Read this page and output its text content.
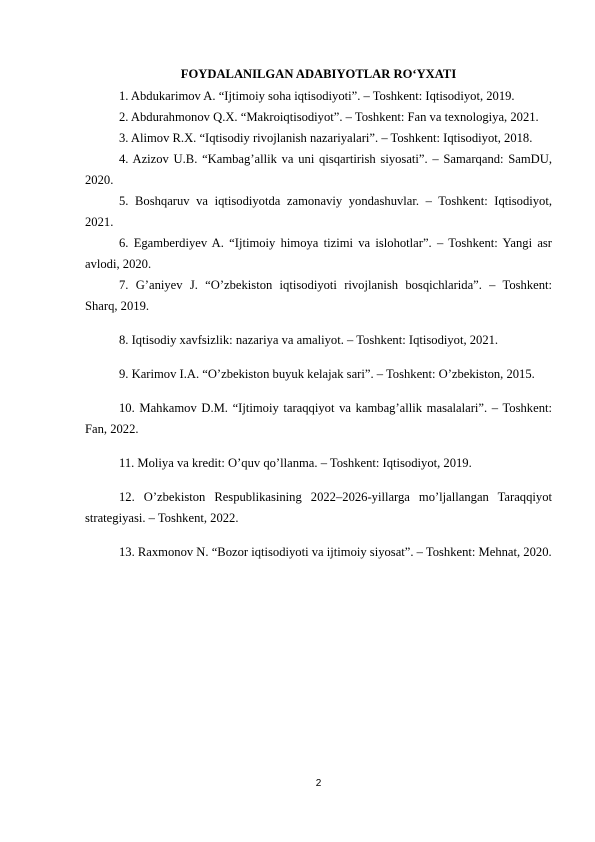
FOYDALANILGAN ADABIYOTLAR RO‘YXATI

1. Abdukarimov A. “Ijtimoiy soha iqtisodiyoti”. – Toshkent: Iqtisodiyot, 2019.

2. Abdurahmonov Q.X. “Makroiqtisodiyot”. – Toshkent: Fan va texnologiya, 2021.

3. Alimov R.X. “Iqtisodiy rivojlanish nazariyalari”. – Toshkent: Iqtisodiyot, 2018.

4. Azizov U.B. “Kambag’allik va uni qisqartirish siyosati”. – Samarqand: SamDU, 2020.

5. Boshqaruv va iqtisodiyotda zamonaviy yondashuvlar. – Toshkent: Iqtisodiyot, 2021.

6. Egamberdiyev A. “Ijtimoiy himoya tizimi va islohotlar”. – Toshkent: Yangi asr avlodi, 2020.

7. G’aniyev J. “O’zbekiston iqtisodiyoti rivojlanish bosqichlarida”. – Toshkent: Sharq, 2019.

8. Iqtisodiy xavfsizlik: nazariya va amaliyot. – Toshkent: Iqtisodiyot, 2021.

9. Karimov I.A. “O’zbekiston buyuk kelajak sari”. – Toshkent: O’zbekiston, 2015.

10. Mahkamov D.M. “Ijtimoiy taraqqiyot va kambag’allik masalalari”. – Toshkent: Fan, 2022.

11. Moliya va kredit: O’quv qo’llanma. – Toshkent: Iqtisodiyot, 2019.

12. O’zbekiston Respublikasining 2022–2026-yillarga mo’ljallangan Taraqqiyot strategiyasi. – Toshkent, 2022.

13. Raxmonov N. “Bozor iqtisodiyoti va ijtimoiy siyosat”. – Toshkent: Mehnat, 2020.

2
